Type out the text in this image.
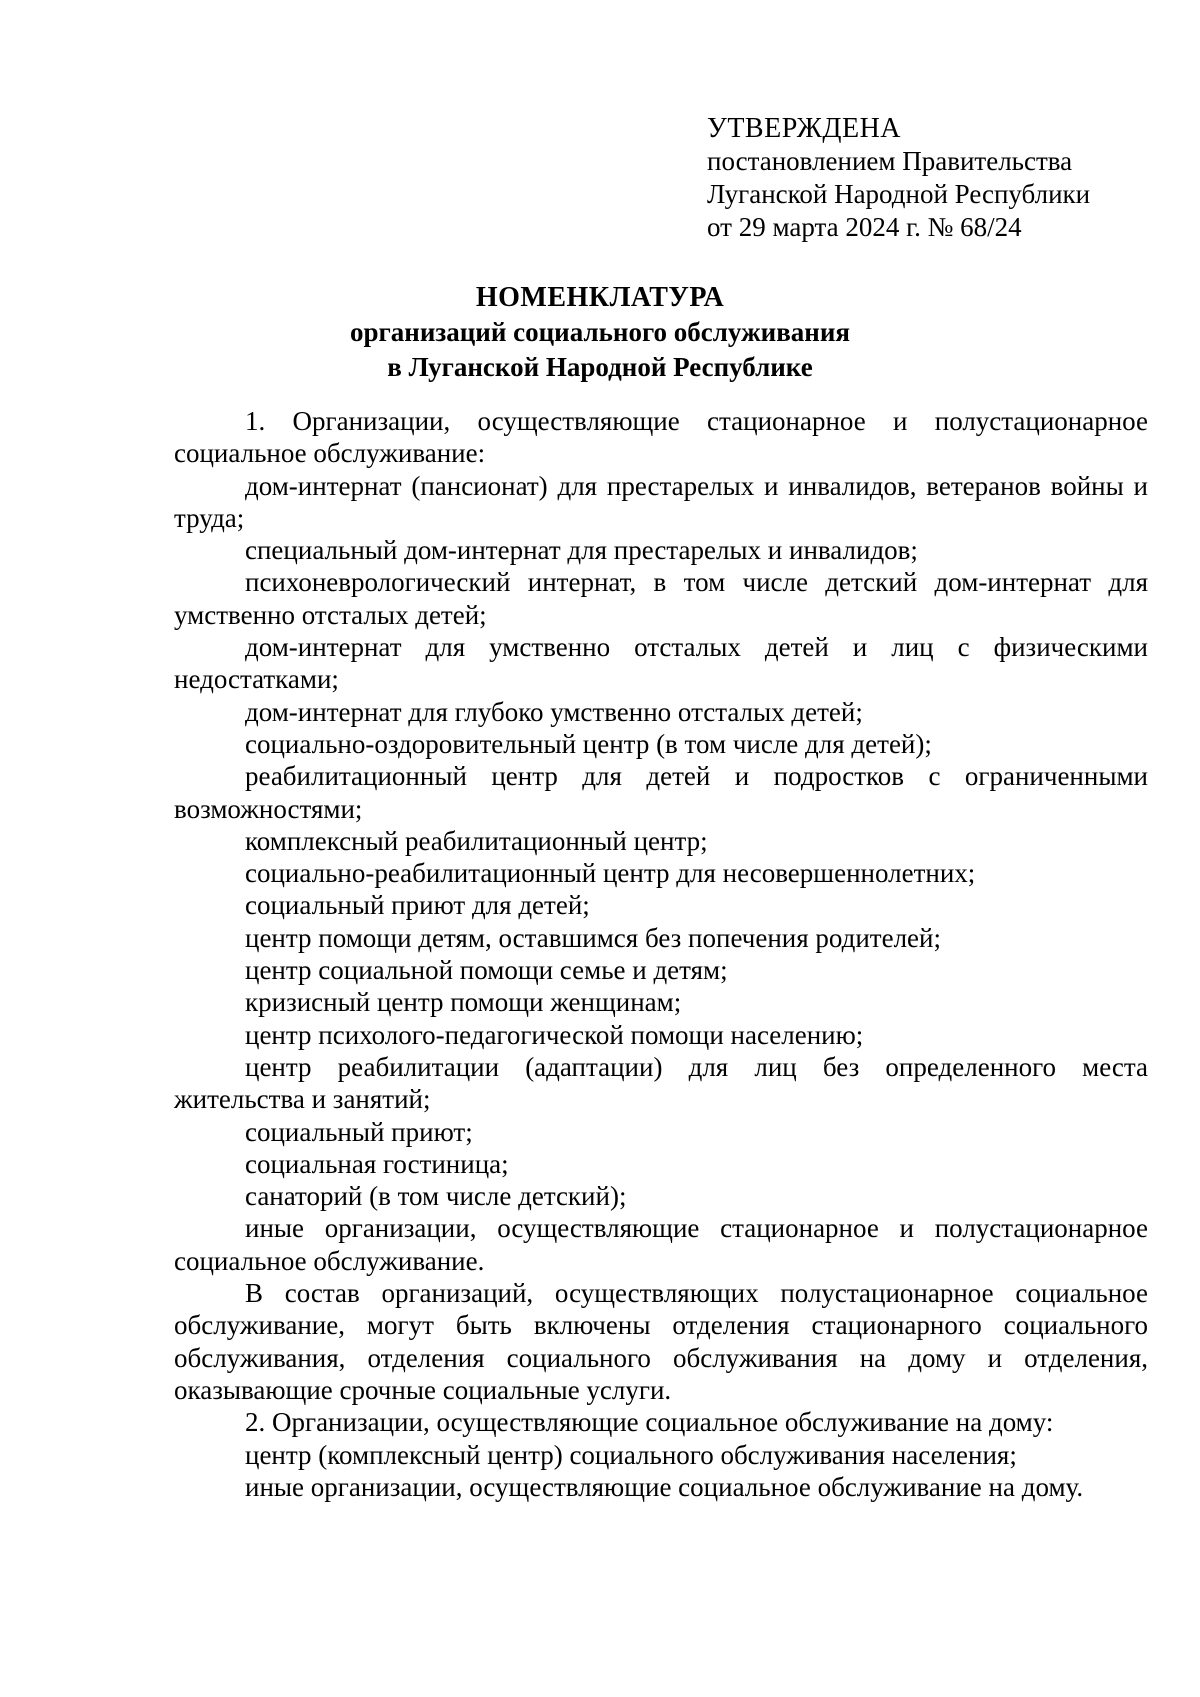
УТВЕРЖДЕНА
постановлением Правительства
Луганской Народной Республики
от 29 марта 2024 г. № 68/24
НОМЕНКЛАТУРА
организаций социального обслуживания
в Луганской Народной Республике

1. Организации, осуществляющие стационарное и полустационарное социальное обслуживание:

дом-интернат (пансионат) для престарелых и инвалидов, ветеранов войны и труда;

специальный дом-интернат для престарелых и инвалидов;

психоневрологический интернат, в том числе детский дом-интернат для умственно отсталых детей;

дом-интернат для умственно отсталых детей и лиц с физическими недостатками;

дом-интернат для глубоко умственно отсталых детей;

социально-оздоровительный центр (в том числе для детей);

реабилитационный центр для детей и подростков с ограниченными возможностями;

комплексный реабилитационный центр;

социально-реабилитационный центр для несовершеннолетних;

социальный приют для детей;

центр помощи детям, оставшимся без попечения родителей;

центр социальной помощи семье и детям;

кризисный центр помощи женщинам;

центр психолого-педагогической помощи населению;

центр реабилитации (адаптации) для лиц без определенного места жительства и занятий;

социальный приют;

социальная гостиница;

санаторий (в том числе детский);

иные организации, осуществляющие стационарное и полустационарное социальное обслуживание.

В состав организаций, осуществляющих полустационарное социальное обслуживание, могут быть включены отделения стационарного социального обслуживания, отделения социального обслуживания на дому и отделения, оказывающие срочные социальные услуги.

2. Организации, осуществляющие социальное обслуживание на дому:

центр (комплексный центр) социального обслуживания населения;

иные организации, осуществляющие социальное обслуживание на дому.
